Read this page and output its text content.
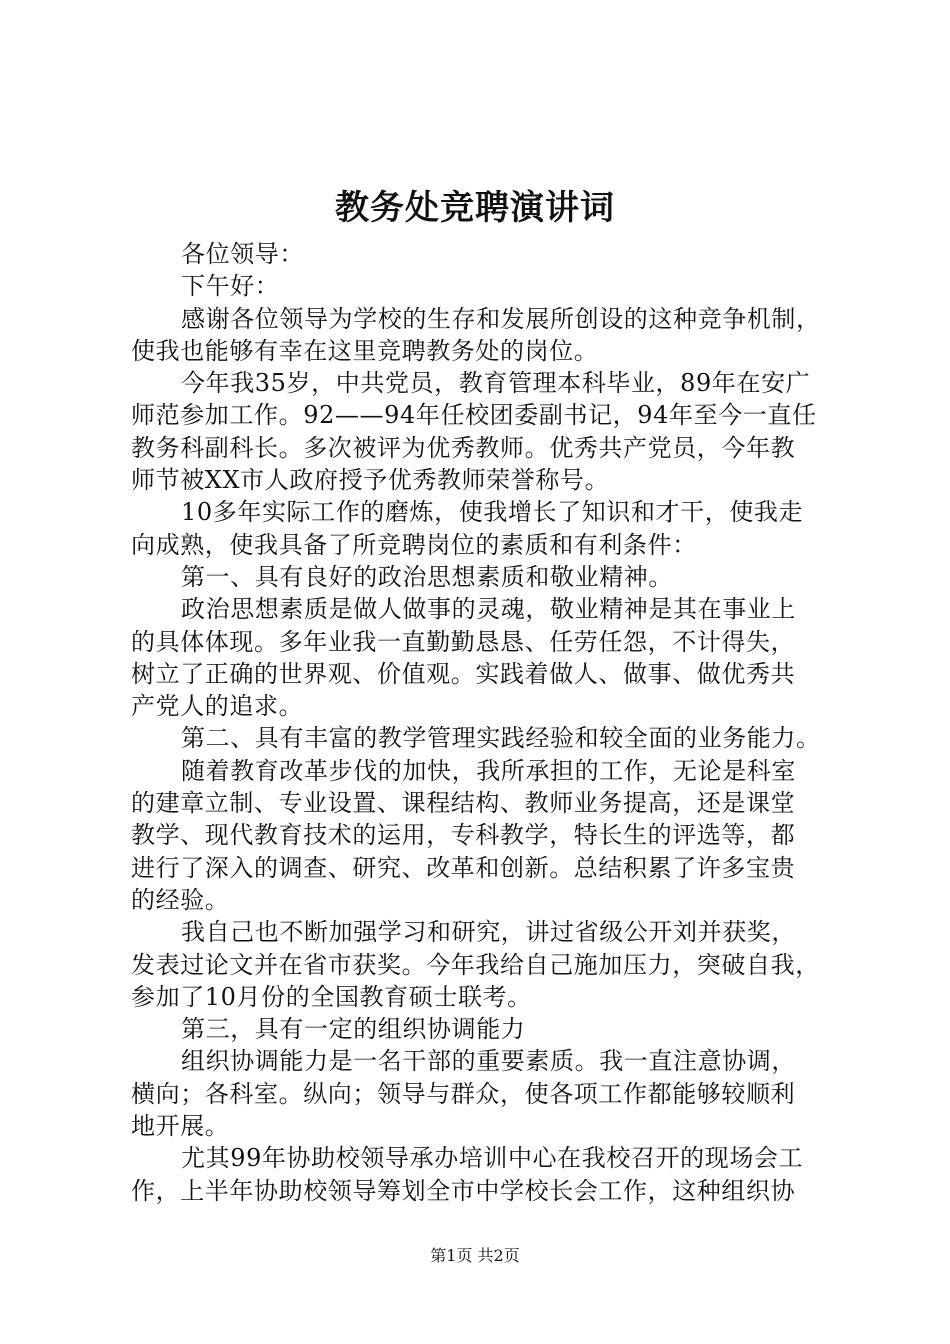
教务处竞聘演讲词

各位领导：

下午好：

感谢各位领导为学校的生存和发展所创设的这种竞争机制，
使我也能够有幸在这里竞聘教务处的岗位。

今年我35岁，中共党员，教育管理本科毕业，89年在安广
师范参加工作。92——94年任校团委副书记，94年至今一直任
教务科副科长。多次被评为优秀教师。优秀共产党员，今年教
师节被XX市人政府授予优秀教师荣誉称号。

10多年实际工作的磨炼，使我增长了知识和才干，使我走
向成熟，使我具备了所竞聘岗位的素质和有利条件：

第一、具有良好的政治思想素质和敬业精神。

政治思想素质是做人做事的灵魂，敬业精神是其在事业上
的具体体现。多年业我一直勤勤恳恳、任劳任怨，不计得失，
树立了正确的世界观、价值观。实践着做人、做事、做优秀共
产党人的追求。

第二、具有丰富的教学管理实践经验和较全面的业务能力。

随着教育改革步伐的加快，我所承担的工作，无论是科室
的建章立制、专业设置、课程结构、教师业务提高，还是课堂
教学、现代教育技术的运用，专科教学，特长生的评选等，都
进行了深入的调查、研究、改革和创新。总结积累了许多宝贵
的经验。

我自己也不断加强学习和研究，讲过省级公开刘并获奖，
发表过论文并在省市获奖。今年我给自己施加压力，突破自我，
参加了10月份的全国教育硕士联考。

第三，具有一定的组织协调能力

组织协调能力是一名干部的重要素质。我一直注意协调，
横向；各科室。纵向；领导与群众，使各项工作都能够较顺利
地开展。

尤其99年协助校领导承办培训中心在我校召开的现场会工
作，上半年协助校领导筹划全市中学校长会工作，这种组织协

第1页 共2页
